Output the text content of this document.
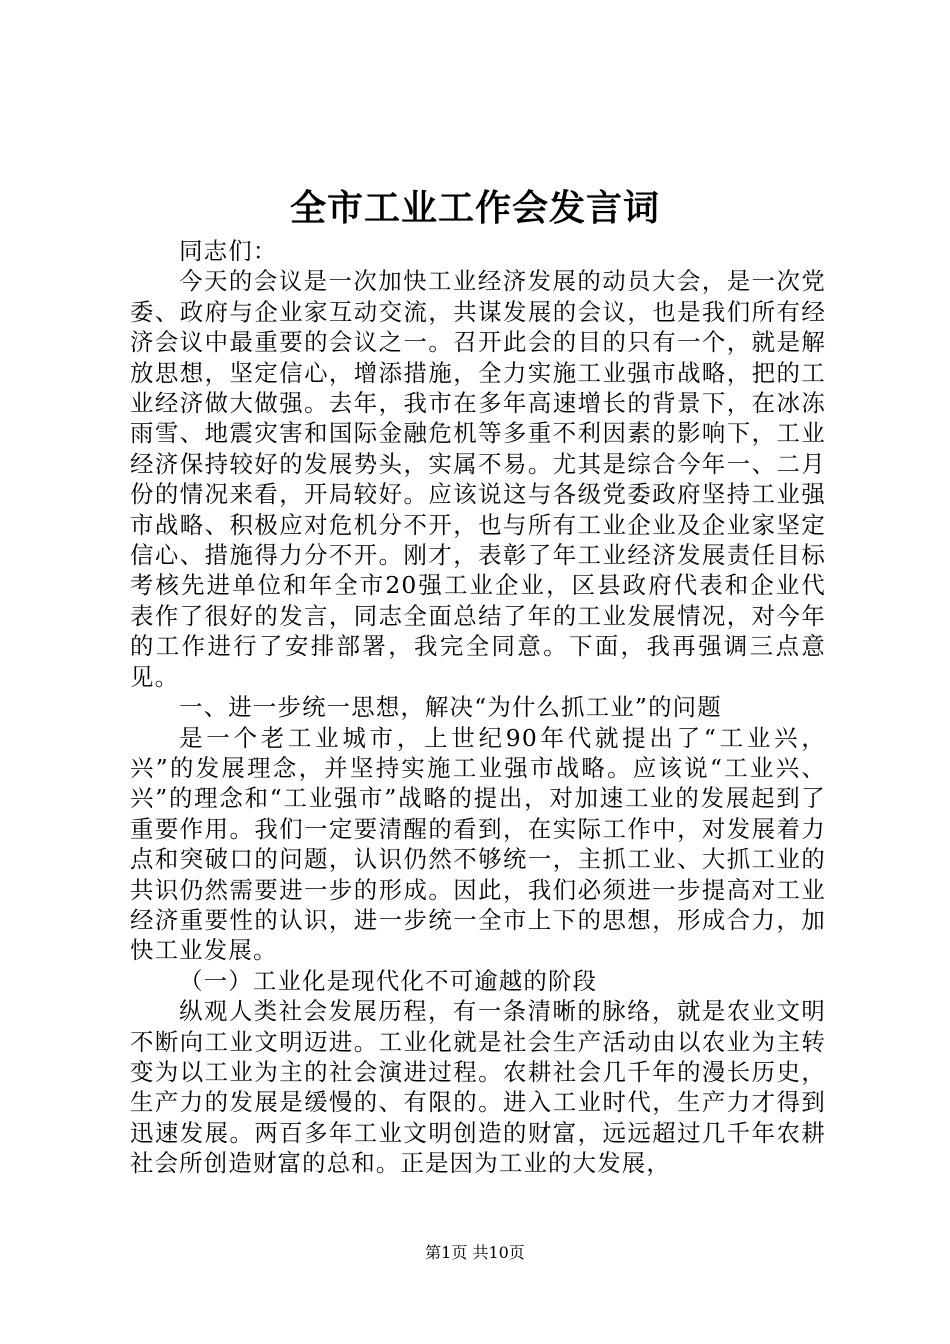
全市工业工作会发言词

同志们：

今天的会议是一次加快工业经济发展的动员大会，是一次党委、政府与企业家互动交流，共谋发展的会议，也是我们所有经济会议中最重要的会议之一。召开此会的目的只有一个，就是解放思想，坚定信心，增添措施，全力实施工业强市战略，把的工业经济做大做强。去年，我市在多年高速增长的背景下，在冰冻雨雪、地震灾害和国际金融危机等多重不利因素的影响下，工业经济保持较好的发展势头，实属不易。尤其是综合今年一、二月份的情况来看，开局较好。应该说这与各级党委政府坚持工业强市战略、积极应对危机分不开，也与所有工业企业及企业家坚定信心、措施得力分不开。刚才，表彰了年工业经济发展责任目标考核先进单位和年全市20强工业企业，区县政府代表和企业代表作了很好的发言，同志全面总结了年的工业发展情况，对今年的工作进行了安排部署，我完全同意。下面，我再强调三点意见。

一、进一步统一思想，解决“为什么抓工业”的问题

是一个老工业城市，上世纪90年代就提出了“工业兴，兴”的发展理念，并坚持实施工业强市战略。应该说“工业兴、兴”的理念和“工业强市”战略的提出，对加速工业的发展起到了重要作用。我们一定要清醒的看到，在实际工作中，对发展着力点和突破口的问题，认识仍然不够统一，主抓工业、大抓工业的共识仍然需要进一步的形成。因此，我们必须进一步提高对工业经济重要性的认识，进一步统一全市上下的思想，形成合力，加快工业发展。

（一）工业化是现代化不可逾越的阶段

纵观人类社会发展历程，有一条清晰的脉络，就是农业文明不断向工业文明迈进。工业化就是社会生产活动由以农业为主转变为以工业为主的社会演进过程。农耕社会几千年的漫长历史，生产力的发展是缓慢的、有限的。进入工业时代，生产力才得到迅速发展。两百多年工业文明创造的财富，远远超过几千年农耕社会所创造财富的总和。正是因为工业的大发展，

第1页 共10页
